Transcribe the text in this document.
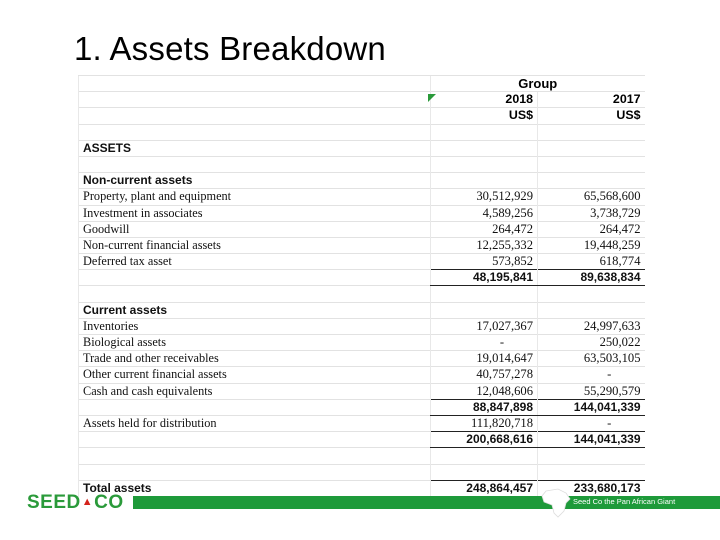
1. Assets Breakdown
	Group	
	2018	2017
	US$	US$

ASSETS		

Non-current assets		
Property, plant and equipment	30,512,929	65,568,600
Investment in associates	4,589,256	3,738,729
Goodwill	264,472	264,472
Non-current financial assets	12,255,332	19,448,259
Deferred tax asset	573,852	618,774
	48,195,841	89,638,834

Current assets		
Inventories	17,027,367	24,997,633
Biological assets	-	250,022
Trade and other receivables	19,014,647	63,503,105
Other current financial assets	40,757,278	-
Cash and cash equivalents	12,048,606	55,290,579
	88,847,898	144,041,339
Assets held for distribution	111,820,718	-
	200,668,616	144,041,339

Total assets	248,864,457	233,680,173
SEED▲CO	Seed Co the Pan African Giant
